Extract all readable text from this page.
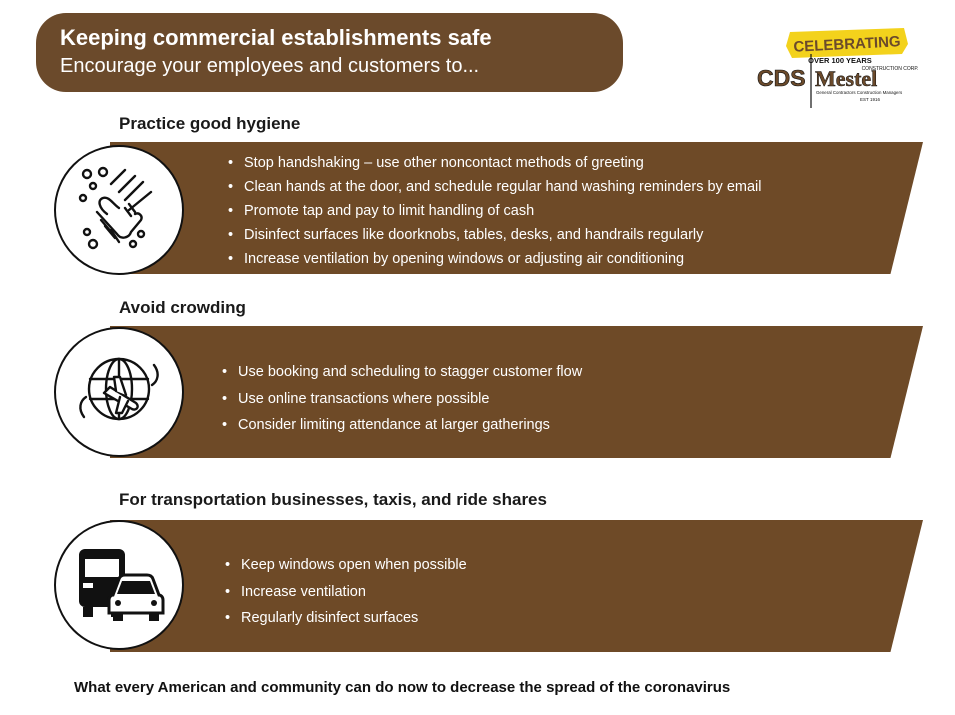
Keeping commercial establishments safe
Encourage your employees and customers to...
CELEBRATING
OVER 100 YEARS
CONSTRUCTION CORP.
CDS Mestel
General Contractors Construction Managers
EST 1916
Practice good hygiene
• Stop handshaking – use other noncontact methods of greeting
• Clean hands at the door, and schedule regular hand washing reminders by email
• Promote tap and pay to limit handling of cash
• Disinfect surfaces like doorknobs, tables, desks, and handrails regularly
• Increase ventilation by opening windows or adjusting air conditioning
Avoid crowding
• Use booking and scheduling to stagger customer flow
• Use online transactions where possible
• Consider limiting attendance at larger gatherings
For transportation businesses, taxis, and ride shares
• Keep windows open when possible
• Increase ventilation
• Regularly disinfect surfaces
What every American and community can do now to decrease the spread of the coronavirus
